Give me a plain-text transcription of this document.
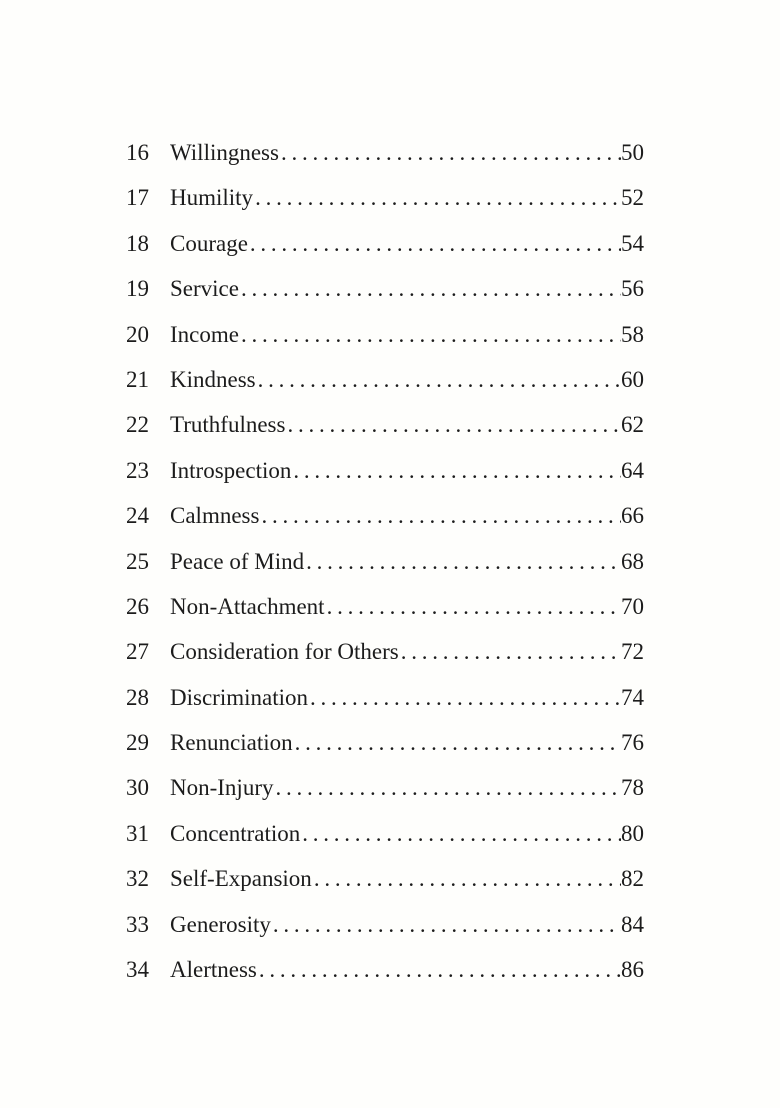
16 Willingness . . .	50
17 Humility . . .	52
18 Courage . . .	54
19 Service . . .	56
20 Income . . .	58
21 Kindness . . .	60
22 Truthfulness . . .	62
23 Introspection . . .	64
24 Calmness . . .	66
25 Peace of Mind . . .	68
26 Non-Attachment . . .	70
27 Consideration for Others . . .	72
28 Discrimination . . .	74
29 Renunciation . . .	76
30 Non-Injury . . .	78
31 Concentration . . .	80
32 Self-Expansion . . .	82
33 Generosity . . .	84
34 Alertness . . .	86
